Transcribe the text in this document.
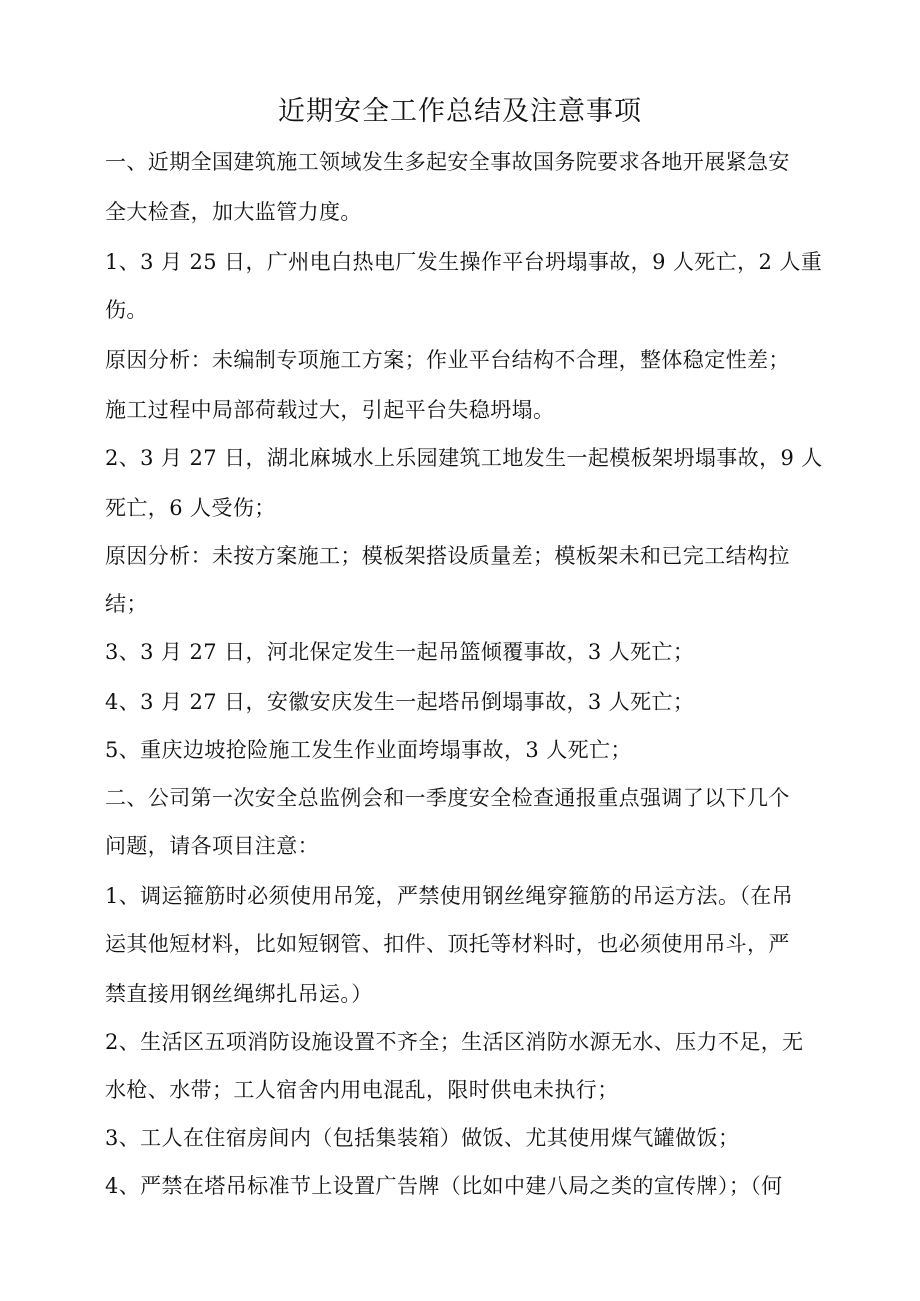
近期安全工作总结及注意事项
一、近期全国建筑施工领域发生多起安全事故国务院要求各地开展紧急安
全大检查，加大监管力度。
1、3 月 25 日，广州电白热电厂发生操作平台坍塌事故，9 人死亡，2 人重
伤。
原因分析：未编制专项施工方案；作业平台结构不合理，整体稳定性差；
施工过程中局部荷载过大，引起平台失稳坍塌。
2、3 月 27 日，湖北麻城水上乐园建筑工地发生一起模板架坍塌事故，9 人
死亡，6 人受伤；
原因分析：未按方案施工；模板架搭设质量差；模板架未和已完工结构拉
结；
3、3 月 27 日，河北保定发生一起吊篮倾覆事故，3 人死亡；
4、3 月 27 日，安徽安庆发生一起塔吊倒塌事故，3 人死亡；
5、重庆边坡抢险施工发生作业面垮塌事故，3 人死亡；
二、公司第一次安全总监例会和一季度安全检查通报重点强调了以下几个
问题，请各项目注意：
1、调运箍筋时必须使用吊笼，严禁使用钢丝绳穿箍筋的吊运方法。（在吊
运其他短材料，比如短钢管、扣件、顶托等材料时，也必须使用吊斗，严
禁直接用钢丝绳绑扎吊运。）
2、生活区五项消防设施设置不齐全；生活区消防水源无水、压力不足，无
水枪、水带；工人宿舍内用电混乱，限时供电未执行；
3、工人在住宿房间内（包括集装箱）做饭、尤其使用煤气罐做饭；
4、严禁在塔吊标准节上设置广告牌（比如中建八局之类的宣传牌）；（何
